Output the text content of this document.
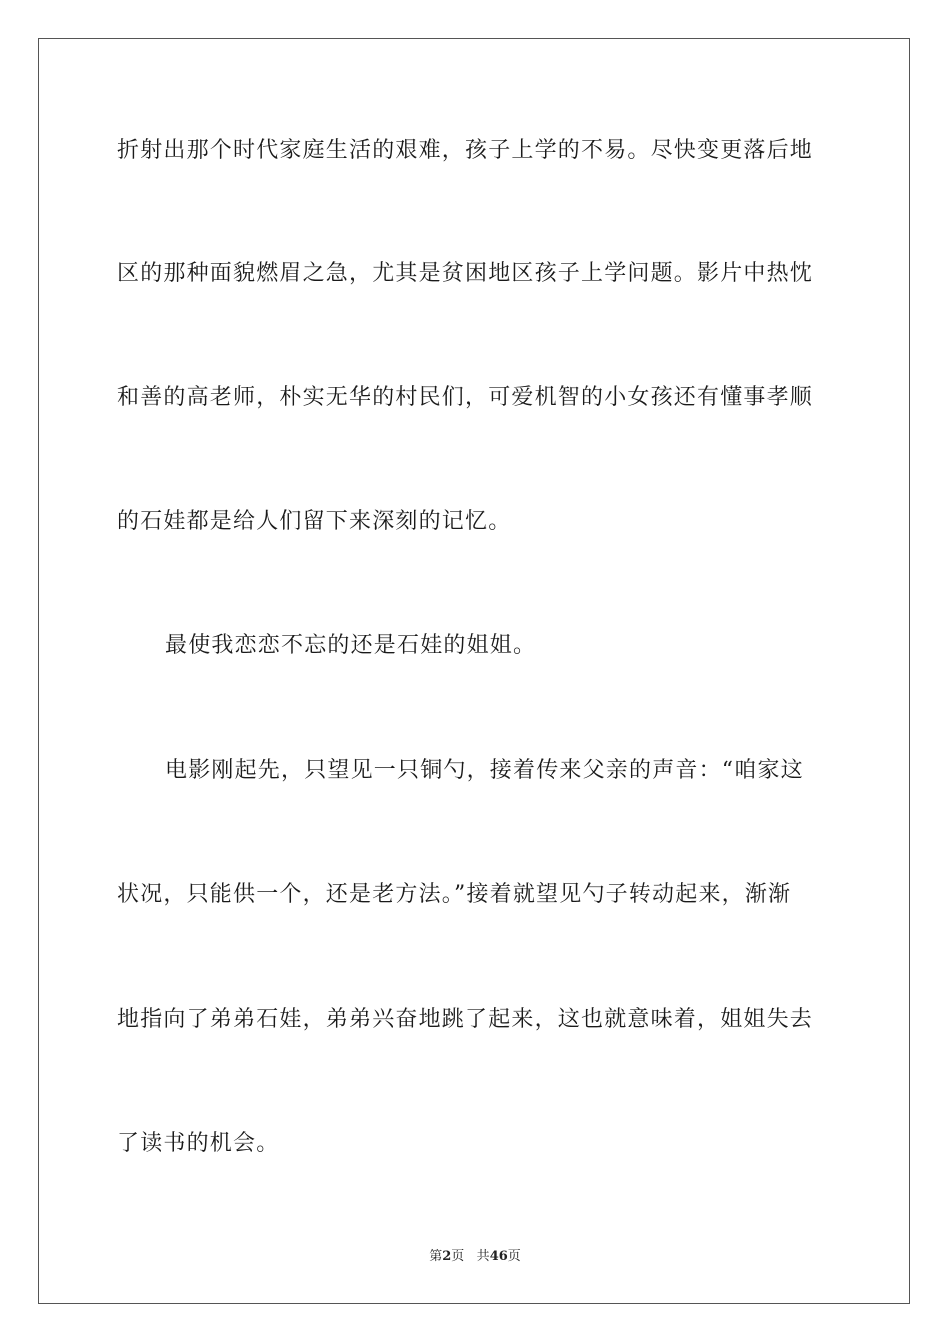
折射出那个时代家庭生活的艰难，孩子上学的不易。尽快变更落后地
区的那种面貌燃眉之急，尤其是贫困地区孩子上学问题。影片中热忱
和善的高老师，朴实无华的村民们，可爱机智的小女孩还有懂事孝顺
的石娃都是给人们留下来深刻的记忆。
最使我恋恋不忘的还是石娃的姐姐。
电影刚起先，只望见一只铜勺，接着传来父亲的声音：“咱家这
状况，只能供一个，还是老方法。”接着就望见勺子转动起来，渐渐
地指向了弟弟石娃，弟弟兴奋地跳了起来，这也就意味着，姐姐失去
了读书的机会。
第2页 共46页
